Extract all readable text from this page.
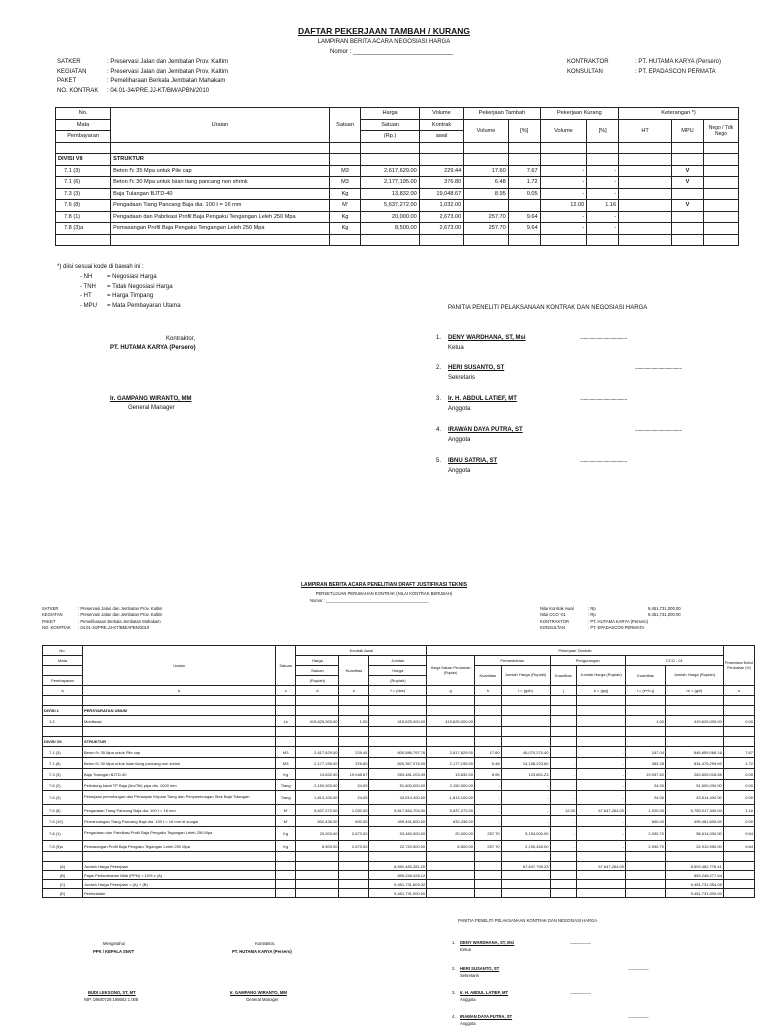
DAFTAR PEKERJAAN TAMBAH / KURANG
LAMPIRAN BERITA ACARA NEGOSIASI HARGA
Nomor : ______________________________
SATKER	: Preservasi Jalan dan Jembatan Prov. Kaltim
KEGIATAN	: Preservasi Jalan dan Jembatan Prov. Kaltim
PAKET	: Pemeliharaan Berkala Jembatan Mahakam
NO. KONTRAK : 04.01-34/PRE.JJ-KT/BM/APBN/2010
KONTRAKTOR	: PT. HUTAMA KARYA (Persero)
KONSULTAN	: PT. EPADASCON PERMATA
No.	Uraian	Satuan	Harga	Volume	Pekerjaan Tambah		Pekerjaan Kurang		Keterangan *)		
Mata			Satuan	Kontrak	Volume	[%]	Volume	[%]	HT	MPU	Nego / Tdk Nego
Pembayaran			(Rp.)	awal							

DIVISI VII	STRUKTUR										
7.1 (3)	Beton f'c 35 Mpa untuk Pile cap	M3	2,617,629.00	229.44	17.60	7.67	-	-		V	
7.1 (6)	Beton f'c 30 Mpa untuk Isian tiang pancang non shrink	M3	2,177,195.00	376.80	6.48	1.72	-	-		V	
7.3 (3)	Baja Tulangan BJTD-40	Kg	13,832.00	19,048.67	8.95	0.05	-	-			
7.6 (8)	Pengadaan Tiang Pancang Baja dia. 100 t = 16 mm	M'	5,637,272.00	1,032.00			12.00	1.16		V	
7.8 (1)	Pengadaan dan Pabrikasi Profil Baja Pengaku Tengangan Leleh 250 Mpa	Kg	20,000.00	2,673.00	257.70	9.64	-	-			
7.8 (3)a	Pemasangan Profil Baja Pengaku Tengangan Leleh 250 Mpa	Kg	8,500.00	2,673.00	257.70	9.64	-	-			

*) diisi sesuai kode di bawah ini :
- NH = Negosiasi Harga
- TNH = Tidak Negosiasi Harga
- HT	= Harga Timpang
- MPU = Mata Pembayaran Utama	PANITIA PENELITI PELAKSANAAN KONTRAK DAN NEGOSIASI HARGA
Kontraktor,
PT. HUTAMA KARYA (Persero)
Ir. GAMPANG WIRANTO, MM
General Manager
1. DENY WARDHANA, ST, Msi
Ketua
........................................
2. HERI SUSANTO, ST
Sekretaris
........................................
3. Ir. H. ABDUL LATIEF, MT
Anggota
........................................
4. IRAWAN DAYA PUTRA, ST
Anggota
........................................
5. IBNU SATRIA, ST
Anggota
........................................
LAMPIRAN BERITA ACARA PENELITIAN DRAFT JUSTIFIKASI TEKNIS
PERSETUJUAN PERUBAHAN KONTRAK (NILAI KONTRAK BERUBAH)
Nomor : ____________________________________________
SATKER	: Preservasi Jalan dan Jembatan Prov. Kaltim
KEGIATAN	: Preservasi Jalan dan Jembatan Prov. Kaltim
PAKET	: Pemeliharaan Berkala Jembatan Mahakam
NO. KONTRAK : 04.01-34/PRE.JJ-KT/BM/APBN/2010
Nilai Kontrak Awal	: Rp	9,451,731,000.00
Nilai CCO -01	: Rp	9,451,731,000.00
KONTRAKTOR	: PT. HUTAMA KARYA (Persero)
KONSULTAN	: PT. EPADASCON PERMATA
No.	Uraian	Satuan	Kontrak Awal			Pekerjaan Tambah							Prosentase Bobot Perubahan (%)
Mata			Harga	Kuantitas	Jumlah	Harga Satuan Perubahan (Rupiah)	Penambahan		Pengurangan		CCO - 01		
			Satuan		Harga		Kuantitas	Jumlah Harga (Rupiah)	Kuantitas	Jumlah Harga (Rupiah)	Kuantitas	Jumlah Harga (Rupiah)	
Pembayaran			(Rupiah)		(Rupiah)								
a	b	c	d	e	f = (dxe)	g	h	i = (gxh)	j	k = (gxj)	l = (e+h-j)	m = (gxl)	n

DIVISI 1	PERSYARATAN UMUM												
1.2.	Mobilisasi	Ls	419,625,000.00	1.00	419,625,000.00	419,625,000.00					1.00	419,625,000.00	0.00

DIVISI VII	STRUKTUR												
7.1 (3)	Beton f'c 35 Mpa untuk Pile cap	M3	2,617,629.00	229.44	600,586,797.76	2,617,629.00	17.60	46,070,270.40	-	-	247.04	646,659,068.16	7.67
7.1 (6)	Beton f'c 30 Mpa untuk Isian tiang pancang non shrink	M3	2,177,195.00	376.80	820,367,076.00	2,177,195.00	6.48	14,108,223.60	-	-	383.28	834,475,299.60	1.72
7.3 (3)	Baja Tulangan BJTD-40	Kg	13,832.00	19,048.67	263,481,203.49	13,832.00	8.95	123,801.23	-	-	19,057.62	263,605,018.65	0.05
7.6 (2)	Pelindung karat TP Baja (Ilm/Tib) pipa dia. 1000 mm	Tiang	2,150,000.00	24.00	51,600,000.00	2,150,000.00	-	-	-	-	24.00	51,600,000.00	0.00
7.6 (4)	Pekerjaan pemotongan dan Persiapan Kepala Tiang dan Penyambungan Stek Baja Tulangan	Tiang	1,813,100.00	24.00	43,514,400.00	1,813,100.00	-	-	-	-	24.00	43,514,400.00	0.00
7.6 (8)	Pengadaan Tiang Pancang Baja dia. 100 t = 16 mm	M'	5,637,272.00	1,032.00	5,817,664,704.00	5,637,272.00	-	-	12.00	67,647,264.00	1,020.00	5,750,017,440.00	1.16
7.6 (10)	Pemancangan Tiang Pancang Baja dia. 100 t = 16 mm di sungai	M'	832,436.00	600.00	499,461,600.00	832,436.00	-	-	-	-	600.00	499,461,600.00	0.00
7.8 (1)	Pengadaan dan Pabrikasi Profil Baja Pengaku Tegangan Leleh 250 Mpa	Kg	20,000.00	2,673.00	53,460,000.00	20,000.00	257.70	5,154,000.00	-	-	2,930.70	58,614,000.00	9.64
7.8 (3)a	Pemasangan Profil Baja Pengaku Tegangan Leleh 250 Mpa	Kg	8,500.00	2,673.00	22,720,500.00	8,500.00	257.70	2,190,450.00	-	-	2,930.70	24,910,950.00	9.64

(A)	Jumlah Harga Pekerjaan				8,592,483,281.20			67,647,759.23		67,647,264.00		8,592,482,776.41	
(B)	Pajak Pertambahan Nilai (PPN) = 10% x (A)				859,248,328.12							859,248,277.64	
(C)	Jumlah Harga Pekerjaan = (A) + (B)				9,451,731,609.32							9,451,731,054.05	
(D)	Pembulatan				9,451,731,000.00							9,451,731,000.00	
PANITIA PENELITI PELAKSANAAN KONTRAK DAN NEGOSIASI HARGA
Mengetahui
PPK / KEPALA SNVT
Kontraktor,
PT. HUTAMA KARYA (Persero)
BUDI LEKSONO, ST, MT
NIP. 19500728 198603 1 008
Ir. GAMPANG WIRANTO, MM
General Manager
1. DENY WARDHANA, ST, Msi
Ketua
...............................
2. HERI SUSANTO, ST
Sekretaris
...............................
3. Ir. H. ABDUL LATIEF, MT
Anggota
...............................
4. IRAWAN DAYA PUTRA, ST
Anggota
...............................
